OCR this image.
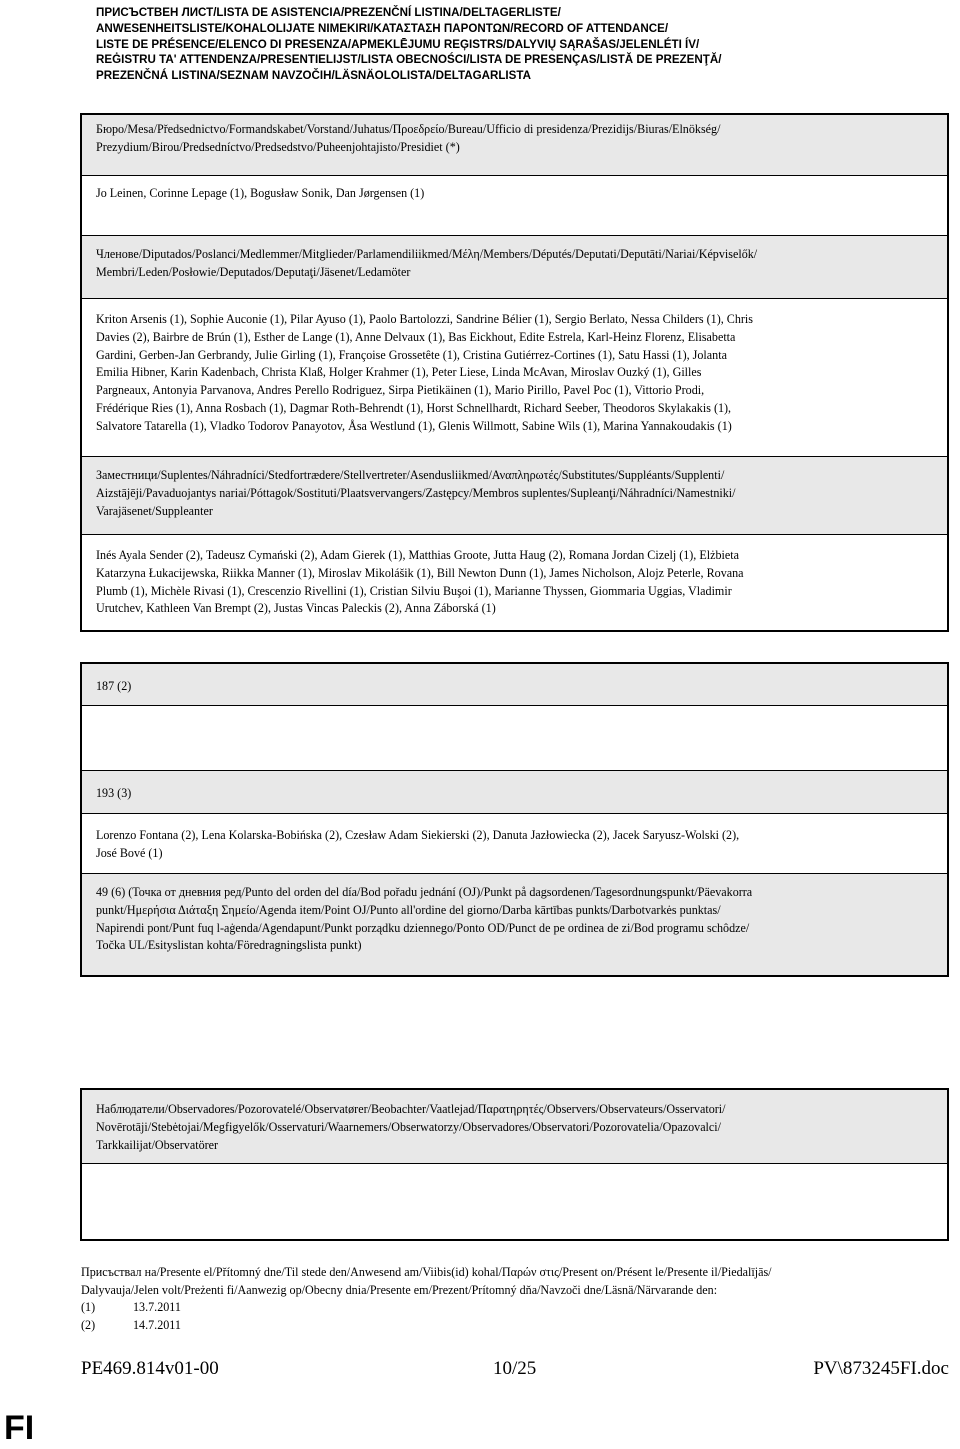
ПРИСЪСТВЕН ЛИСТ/LISTA DE ASISTENCIA/PREZENČNÍ LISTINA/DELTAGERLISTE/
ANWESENHEITSLISTE/KOHALOLIJATE NIMEKIRI/ΚΑΤΑΣΤΑΣΗ ΠΑΡΟΝΤΩΝ/RECORD OF ATTENDANCE/
LISTE DE PRÉSENCE/ELENCO DI PRESENZA/APMEKLĒJUMU REĢISTRS/DALYVIŲ SĄRAŠAS/JELENLÉTI ÍV/
REĠISTRU TA' ATTENDENZA/PRESENTIELIJST/LISTA OBECNOŚCI/LISTA DE PRESENÇAS/LISTĂ DE PREZENŢĂ/
PREZENČNÁ LISTINA/SEZNAM NAVZOČIH/LÄSNÄOLOLISTA/DELTAGARLISTA
Бюро/Mesa/Předsednictvo/Formandskabet/Vorstand/Juhatus/Προεδρείο/Bureau/Ufficio di presidenza/Prezidijs/Biuras/Elnökség/
Prezydium/Birou/Predsedníctvo/Predsedstvo/Puheenjohtajisto/Presidiet (*)
Jo Leinen, Corinne Lepage (1), Bogusław Sonik, Dan Jørgensen (1)
Членове/Diputados/Poslanci/Medlemmer/Mitglieder/Parlamendiliikmed/Μέλη/Members/Députés/Deputati/Deputāti/Nariai/Képviselők/
Membri/Leden/Posłowie/Deputados/Deputaţi/Jäsenet/Ledamöter
Kriton Arsenis (1), Sophie Auconie (1), Pilar Ayuso (1), Paolo Bartolozzi, Sandrine Bélier (1), Sergio Berlato, Nessa Childers (1), Chris
Davies (2), Bairbre de Brún (1), Esther de Lange (1), Anne Delvaux (1), Bas Eickhout, Edite Estrela, Karl-Heinz Florenz, Elisabetta
Gardini, Gerben-Jan Gerbrandy, Julie Girling (1), Françoise Grossetête (1), Cristina Gutiérrez-Cortines (1), Satu Hassi (1), Jolanta
Emilia Hibner, Karin Kadenbach, Christa Klaß, Holger Krahmer (1), Peter Liese, Linda McAvan, Miroslav Ouzký (1), Gilles
Pargneaux, Antonyia Parvanova, Andres Perello Rodriguez, Sirpa Pietikäinen (1), Mario Pirillo, Pavel Poc (1), Vittorio Prodi,
Frédérique Ries (1), Anna Rosbach (1), Dagmar Roth-Behrendt (1), Horst Schnellhardt, Richard Seeber, Theodoros Skylakakis (1),
Salvatore Tatarella (1), Vladko Todorov Panayotov, Åsa Westlund (1), Glenis Willmott, Sabine Wils (1), Marina Yannakoudakis (1)
Заместници/Suplentes/Náhradníci/Stedfortrædere/Stellvertreter/Asendusliikmed/Αναπληρωτές/Substitutes/Suppléants/Supplenti/
Aizstājēji/Pavaduojantys nariai/Póttagok/Sostituti/Plaatsvervangers/Zastępcy/Membros suplentes/Supleanţi/Náhradníci/Namestniki/
Varajäsenet/Suppleanter
Inés Ayala Sender (2), Tadeusz Cymański (2), Adam Gierek (1), Matthias Groote, Jutta Haug (2), Romana Jordan Cizelj (1), Elżbieta
Katarzyna Łukacijewska, Riikka Manner (1), Miroslav Mikolášik (1), Bill Newton Dunn (1), James Nicholson, Alojz Peterle, Rovana
Plumb (1), Michèle Rivasi (1), Crescenzio Rivellini (1), Cristian Silviu Buşoi (1), Marianne Thyssen, Giommaria Uggias, Vladimir
Urutchev, Kathleen Van Brempt (2), Justas Vincas Paleckis (2), Anna Záborská (1)
187 (2)
193 (3)
Lorenzo Fontana (2), Lena Kolarska-Bobińska (2), Czesław Adam Siekierski (2), Danuta Jazłowiecka (2), Jacek Saryusz-Wolski (2),
José Bové (1)
49 (6) (Точка от дневния ред/Punto del orden del día/Bod pořadu jednání (OJ)/Punkt på dagsordenen/Tagesordnungspunkt/Päevakorra
punkt/Ημερήσια Διάταξη Σημείο/Agenda item/Point OJ/Punto all'ordine del giorno/Darba kārtības punkts/Darbotvarkės punktas/
Napirendi pont/Punt fuq l-aġenda/Agendapunt/Punkt porządku dziennego/Ponto OD/Punct de pe ordinea de zi/Bod programu schôdze/
Točka UL/Esityslistan kohta/Föredragningslista punkt)
Наблюдатели/Observadores/Pozorovatelé/Observatører/Beobachter/Vaatlejad/Παρατηρητές/Observers/Observateurs/Osservatori/
Novērotāji/Stebėtojai/Megfigyelők/Osservaturi/Waarnemers/Obserwatorzy/Observadores/Observatori/Pozorovatelia/Opazovalci/
Tarkkailijat/Observatörer
Присъствал на/Presente el/Přítomný dne/Til stede den/Anwesend am/Viibis(id) kohal/Παρών στις/Present on/Présent le/Presente il/Piedalījās/
Dalyvauja/Jelen volt/Preżenti fi/Aanwezig op/Obecny dnia/Presente em/Prezent/Prítomný dňa/Navzoči dne/Läsnä/Närvarande den:
(1)	13.7.2011
(2)	14.7.2011
PE469.814v01-00	10/25	PV\873245FI.doc
FI
